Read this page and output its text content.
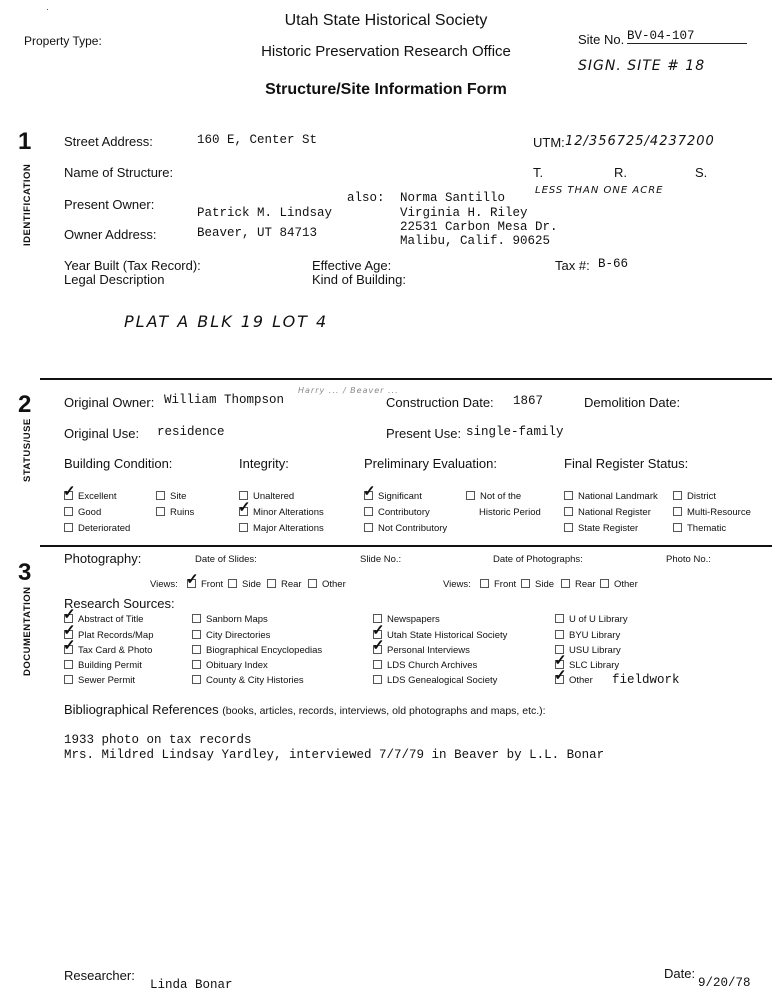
·
Property Type:
Utah State Historical Society
Historic Preservation Research Office
Structure/Site Information Form
Site No. BV-04-107
SIGN. SITE # 18
1
IDENTIFICATION
Street Address:	160 E, Center St	UTM: 12/356725/4237200
Name of Structure:	T.	R.	S.
LESS THAN ONE ACRE
Present Owner:
Patrick M. Lindsay
also: Norma Santillo
Virginia H. Riley
22531 Carbon Mesa Dr.
Malibu, Calif. 90625
Owner Address:	Beaver, UT 84713
Year Built (Tax Record):	Effective Age:	Tax #: B-66
Legal Description	Kind of Building:
PLAT A BLK 19 LOT 4
2
STATUS/USE
Original Owner: William Thompson
Harry ... / Beaver ...
Construction Date: 1867	Demolition Date:
Original Use: residence	Present Use: single-family
Building Condition:	Integrity:	Preliminary Evaluation:	Final Register Status:
✓Excellent
Good
Deteriorated
Site
Ruins
Unaltered
✓Minor Alterations
Major Alterations
✓Significant
Contributory
Not Contributory
Not of the
Historic Period
National Landmark
National Register
State Register
District
Multi-Resource
Thematic
3
DOCUMENTATION
Photography:	Date of Slides:	Slide No.:	Date of Photographs:	Photo No.:
Views:
✓	Front	Side	Rear	Other	Views:	Front	Side	Rear	Other
Research Sources:
✓Abstract of Title
✓Plat Records/Map
✓Tax Card & Photo
Building Permit
Sewer Permit
Sanborn Maps
City Directories
Biographical Encyclopedias
Obituary Index
County & City Histories
Newspapers
✓Utah State Historical Society
✓Personal Interviews
LDS Church Archives
LDS Genealogical Society
U of U Library
BYU Library
USU Library
✓SLC Library
✓Other fieldwork
Bibliographical References (books, articles, records, interviews, old photographs and maps, etc.):
1933 photo on tax records
Mrs. Mildred Lindsay Yardley, interviewed 7/7/79 in Beaver by L.L. Bonar
Researcher:
Linda Bonar
Date:
9/20/78
